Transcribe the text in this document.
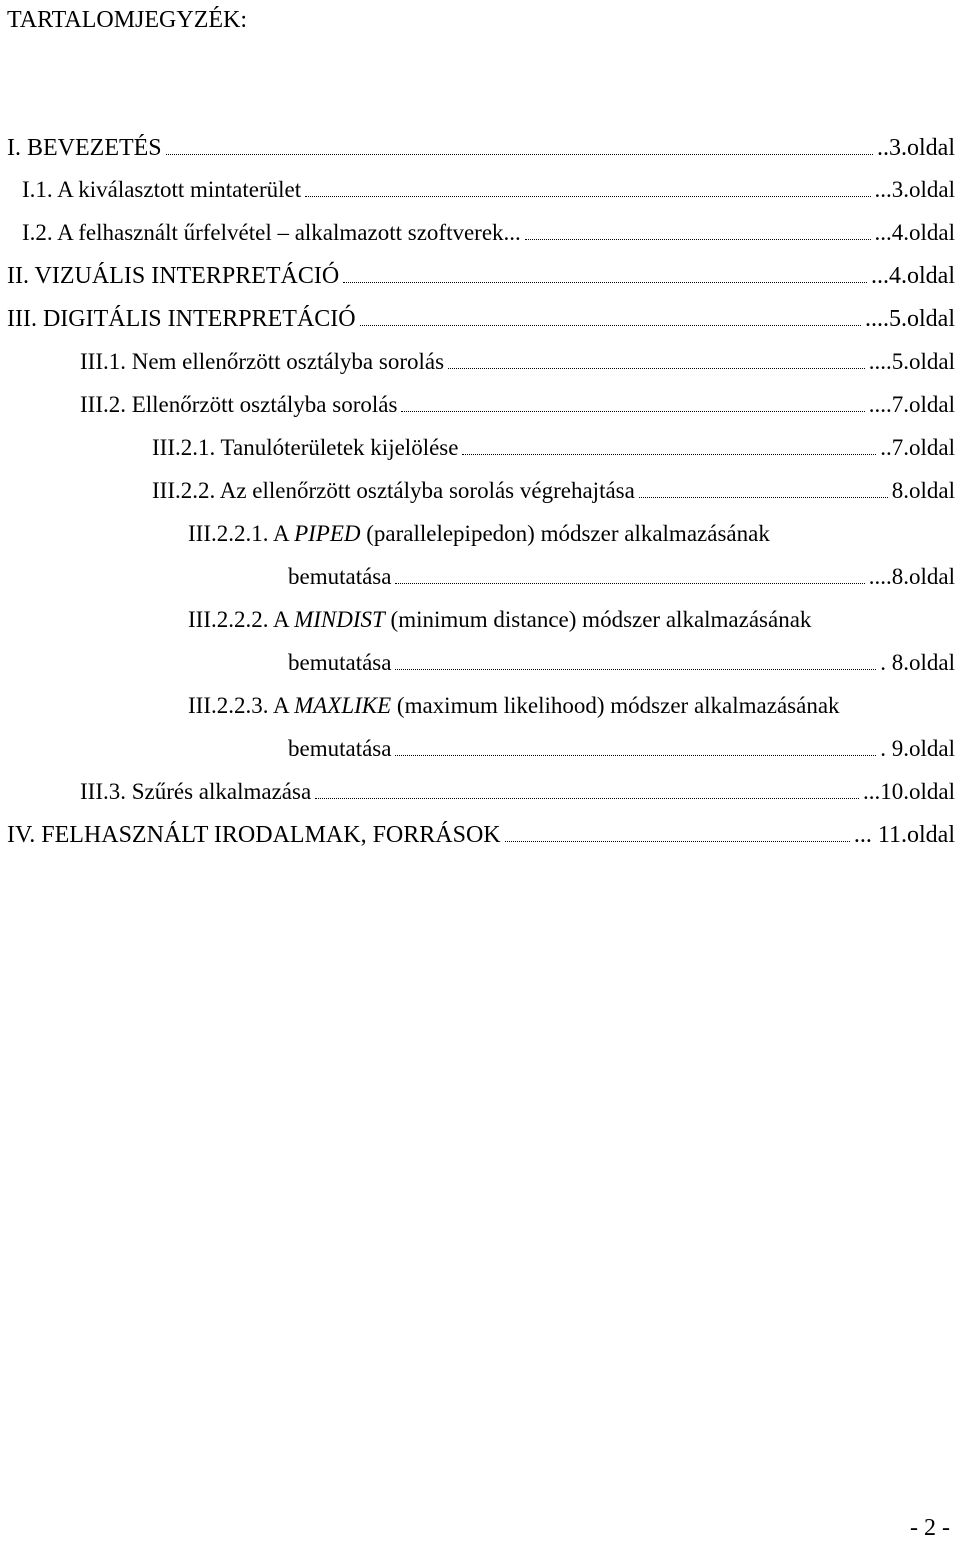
TARTALOMJEGYZÉK:
I. BEVEZETÉS	..3.oldal
I.1. A kiválasztott mintaterület	...3.oldal
I.2. A felhasznált űrfelvétel – alkalmazott szoftverek...	...4.oldal
II. VIZUÁLIS INTERPRETÁCIÓ	...4.oldal
III. DIGITÁLIS INTERPRETÁCIÓ	....5.oldal
III.1. Nem ellenőrzött osztályba sorolás	....5.oldal
III.2. Ellenőrzött osztályba sorolás	....7.oldal
III.2.1. Tanulóterületek kijelölése	..7.oldal
III.2.2. Az ellenőrzött osztályba sorolás végrehajtása	8.oldal
III.2.2.1. A PIPED (parallelepipedon) módszer alkalmazásának
bemutatása	....8.oldal
III.2.2.2. A MINDIST (minimum distance) módszer alkalmazásának
bemutatása	. 8.oldal
III.2.2.3. A MAXLIKE (maximum likelihood) módszer alkalmazásának
bemutatása	. 9.oldal
III.3. Szűrés alkalmazása	...10.oldal
IV. FELHASZNÁLT IRODALMAK, FORRÁSOK	... 11.oldal
- 2 -
